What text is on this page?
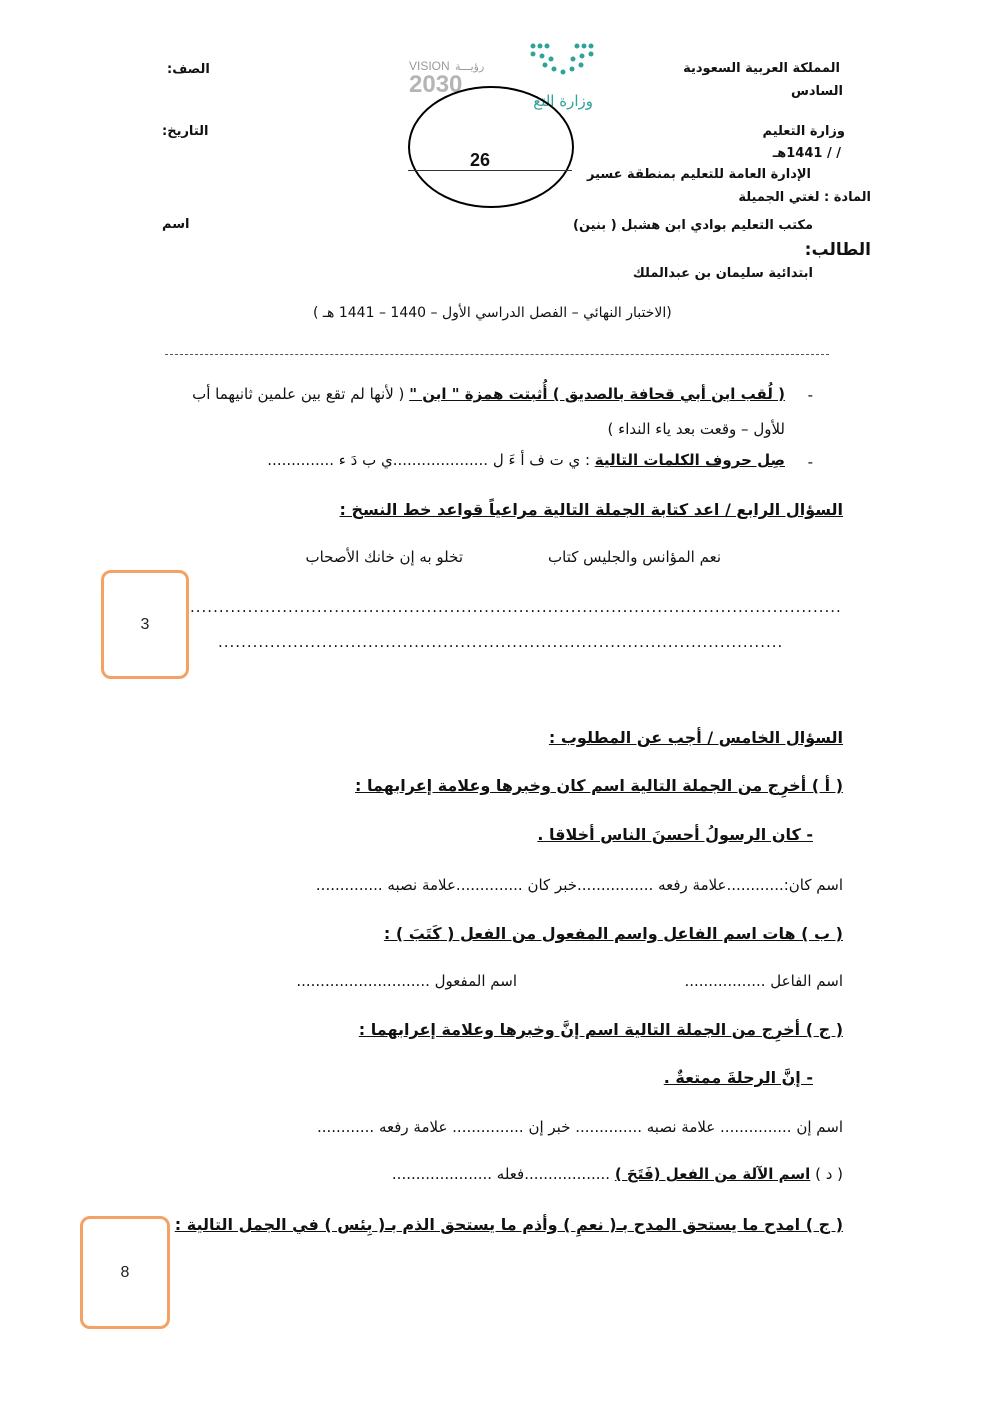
VISION رؤيـــة
2030
وزارة التع
المملكة العربية السعودية
السادس
وزارة التعليم
/ / 1441هـ
الإدارة العامة للتعليم بمنطقة عسير
المادة : لغتي الجميلة
مكتب التعليم بوادي ابن هشبل ( بنين)
الطالب:
ابتدائية سليمان بن عبدالملك
الصف:
التاريخ:
اسم
26
(الاختبار النهائي – الفصل الدراسي الأول – 1440 – 1441 هـ )
-
( لُقب ابن أبي قحافة بالصديق ) أُثبتت همزة " ابن " ( لأنها لم تقع بين علمين ثانيهما أب
للأول – وقعت بعد ياء النداء )
-
صِل حروف الكلمات التالية : ي ت ف أ ءَ ل ....................ي ب دَ ء ..............
السؤال الرابع / اعد كتابة الجملة التالية مراعياً قواعد خط النسخ :
نعم المؤانس والجليس كتاب
تخلو به إن خانك الأصحاب
.................................................................................................................
..................................................................................................
3
السؤال الخامس / أجب عن المطلوب :
( أ ) أخرِج من الجملة التالية اسم كان وخبرها وعلامة إعرابهما :
- كان الرسولُ أحسنَ الناس أخلاقا .
اسم كان:............علامة رفعه ................خبر كان ..............علامة نصبه ..............
( ب ) هات اسم الفاعل واسم المفعول من الفعل ( كَتَبَ ) :
اسم الفاعل .................
اسم المفعول ............................
( ج ) أخرِج من الجملة التالية اسم إنَّ وخبرها وعلامة إعرابهما :
- إنَّ الرحلةَ ممتعةٌ .
اسم إن ............... علامة نصبه .............. خبر إن ............... علامة رفعه ............
( د ) اسم الآلة من الفعل (فَتَحَ ) ..................فعله .....................
( ج ) امدح ما يستحق المدح بـ( نعمِ ) وأذم ما يستحق الذم بـ( بِئس ) في الجمل التالية :
8
